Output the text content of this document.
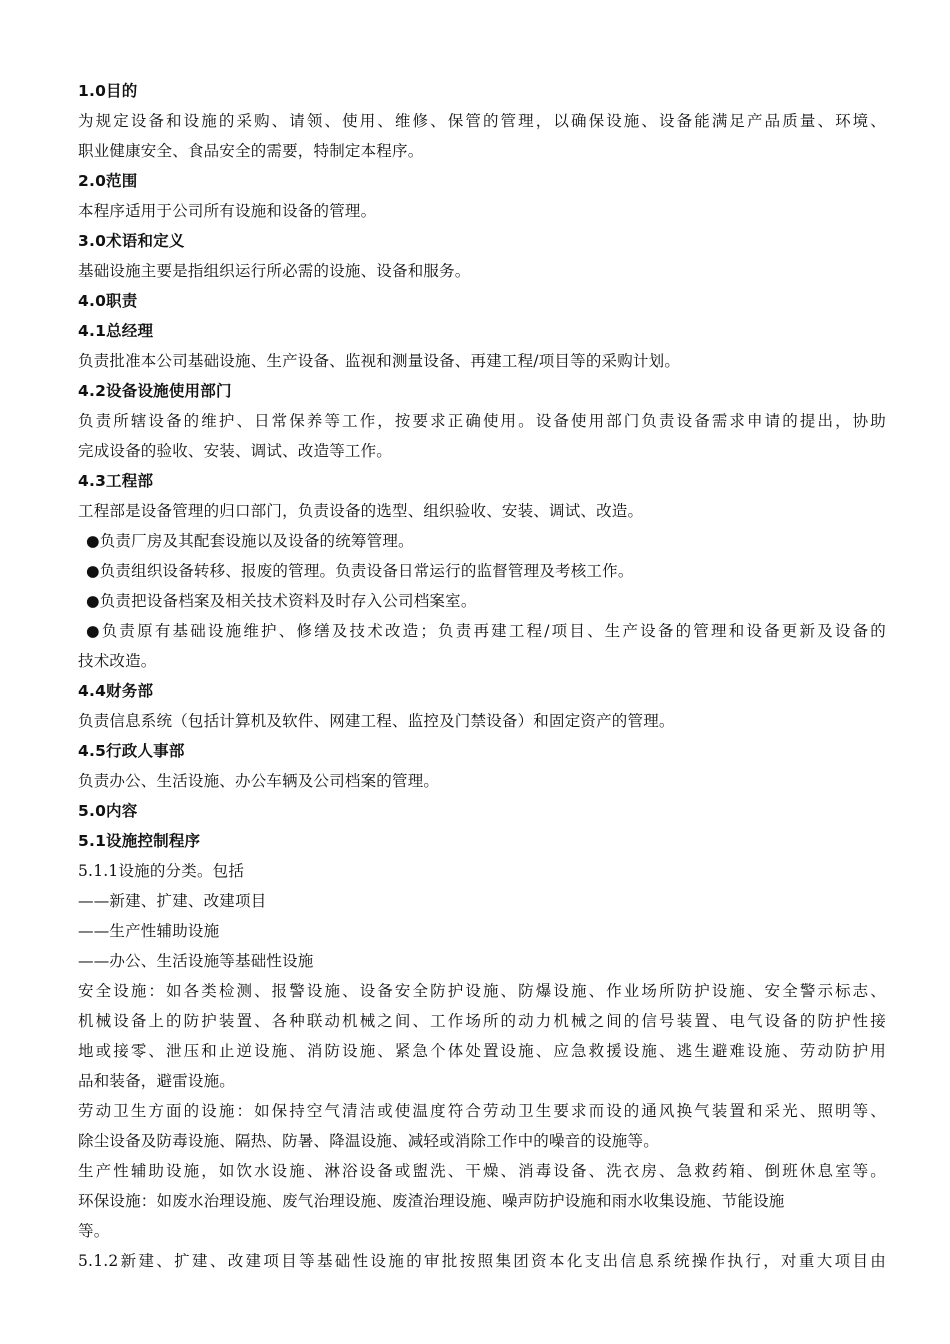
1.0目的
为规定设备和设施的采购、请领、使用、维修、保管的管理，以确保设施、设备能满足产品质量、环境、
职业健康安全、食品安全的需要，特制定本程序。
2.0范围
本程序适用于公司所有设施和设备的管理。
3.0术语和定义
基础设施主要是指组织运行所必需的设施、设备和服务。
4.0职责
4.1总经理
负责批准本公司基础设施、生产设备、监视和测量设备、再建工程/项目等的采购计划。
4.2设备设施使用部门
负责所辖设备的维护、日常保养等工作，按要求正确使用。设备使用部门负责设备需求申请的提出，协助
完成设备的验收、安装、调试、改造等工作。
4.3工程部
工程部是设备管理的归口部门，负责设备的选型、组织验收、安装、调试、改造。
●负责厂房及其配套设施以及设备的统筹管理。
●负责组织设备转移、报废的管理。负责设备日常运行的监督管理及考核工作。
●负责把设备档案及相关技术资料及时存入公司档案室。
●负责原有基础设施维护、修缮及技术改造；负责再建工程/项目、生产设备的管理和设备更新及设备的
技术改造。
4.4财务部
负责信息系统（包括计算机及软件、网建工程、监控及门禁设备）和固定资产的管理。
4.5行政人事部
负责办公、生活设施、办公车辆及公司档案的管理。
5.0内容
5.1设施控制程序
5.1.1设施的分类。包括
——新建、扩建、改建项目
——生产性辅助设施
——办公、生活设施等基础性设施
安全设施：如各类检测、报警设施、设备安全防护设施、防爆设施、作业场所防护设施、安全警示标志、
机械设备上的防护装置、各种联动机械之间、工作场所的动力机械之间的信号装置、电气设备的防护性接
地或接零、泄压和止逆设施、消防设施、紧急个体处置设施、应急救援设施、逃生避难设施、劳动防护用
品和装备，避雷设施。
劳动卫生方面的设施：如保持空气清洁或使温度符合劳动卫生要求而设的通风换气装置和采光、照明等、
除尘设备及防毒设施、隔热、防暑、降温设施、减轻或消除工作中的噪音的设施等。
生产性辅助设施，如饮水设施、淋浴设备或盥洗、干燥、消毒设备、洗衣房、急救药箱、倒班休息室等。
环保设施：如废水治理设施、废气治理设施、废渣治理设施、噪声防护设施和雨水收集设施、节能设施
等。
5.1.2新建、扩建、改建项目等基础性设施的审批按照集团资本化支出信息系统操作执行，对重大项目由
